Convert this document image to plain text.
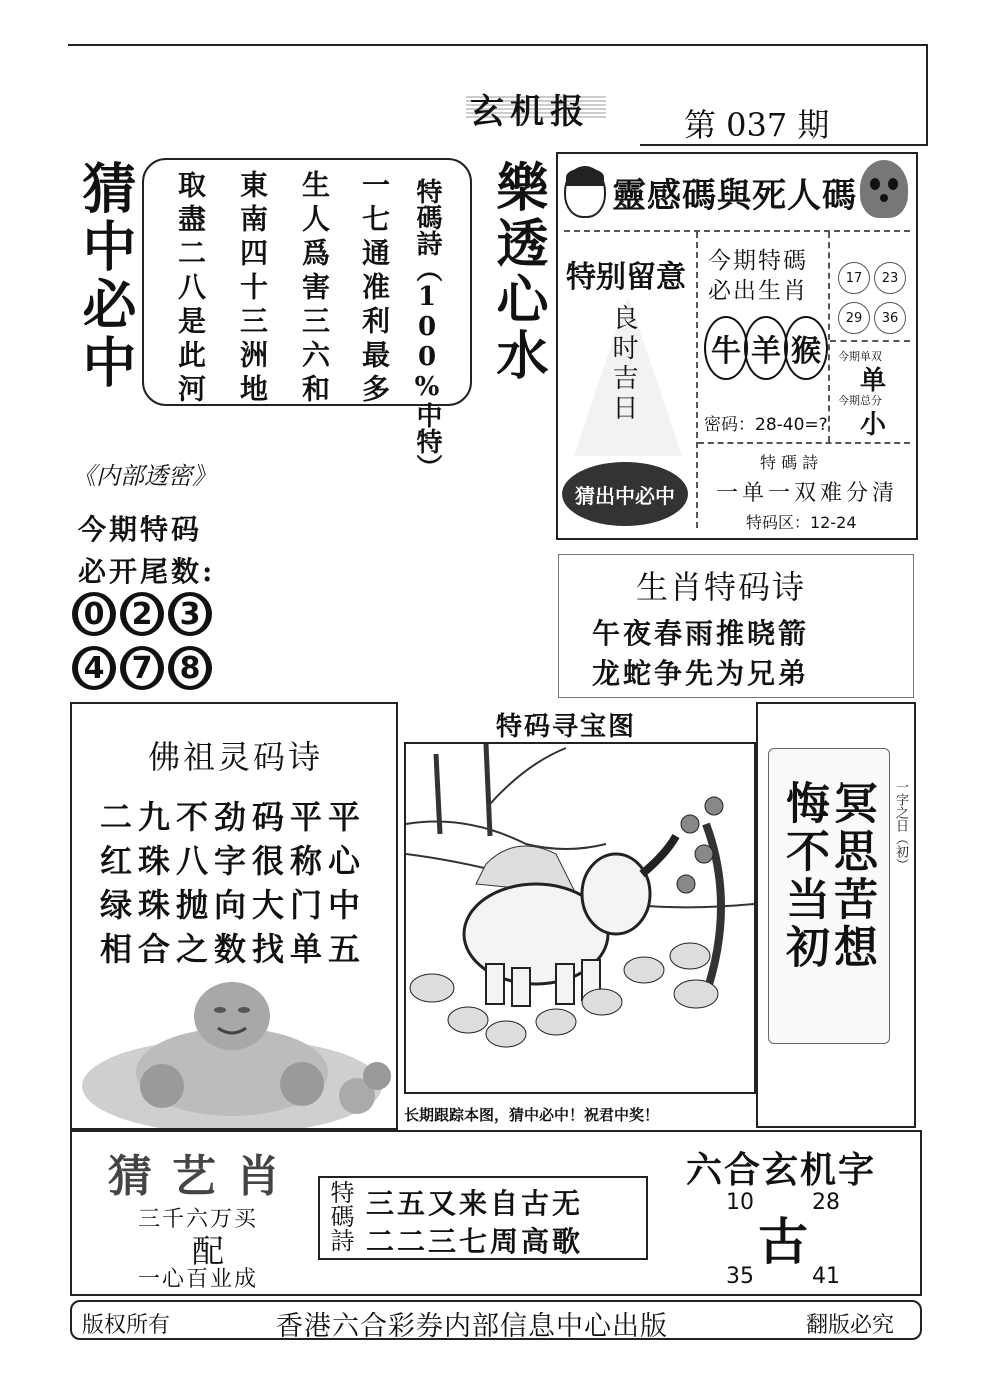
玄机报	第 037 期
猜中必中	特碼詩（100%中特）
一七通准利最多
生人爲害三六和
東南四十三洲地
取盡二八是此河	樂透心水 靈感碼與死人碼
特别留意
良时吉日
猜出中必中
今期特碼
必出生肖
牛 羊 猴
密码：28-40=?
17	23
29	36
今期单双
单
今期总分
小
特 碼 詩
一单一双难分清
特码区：12-24
《内部透密》
今期特码
必开尾数:
0 2 3
4 7 8
生肖特码诗
午夜春雨推晓箭
龙蛇争先为兄弟
佛祖灵码诗
二九不劲码平平
红珠八字很称心
绿珠抛向大门中
相合之数找单五
特码寻宝图
长期跟踪本图，猜中必中！祝君中奖！
冥思苦想
悔不当初	一字之日（初）
猜艺肖
三千六万买
配
一心百业成
特碼詩 三五又来自古无
二二三七周高歌
六合玄机字
10	28
古
35	41
版权所有	香港六合彩券内部信息中心出版	翻版必究
